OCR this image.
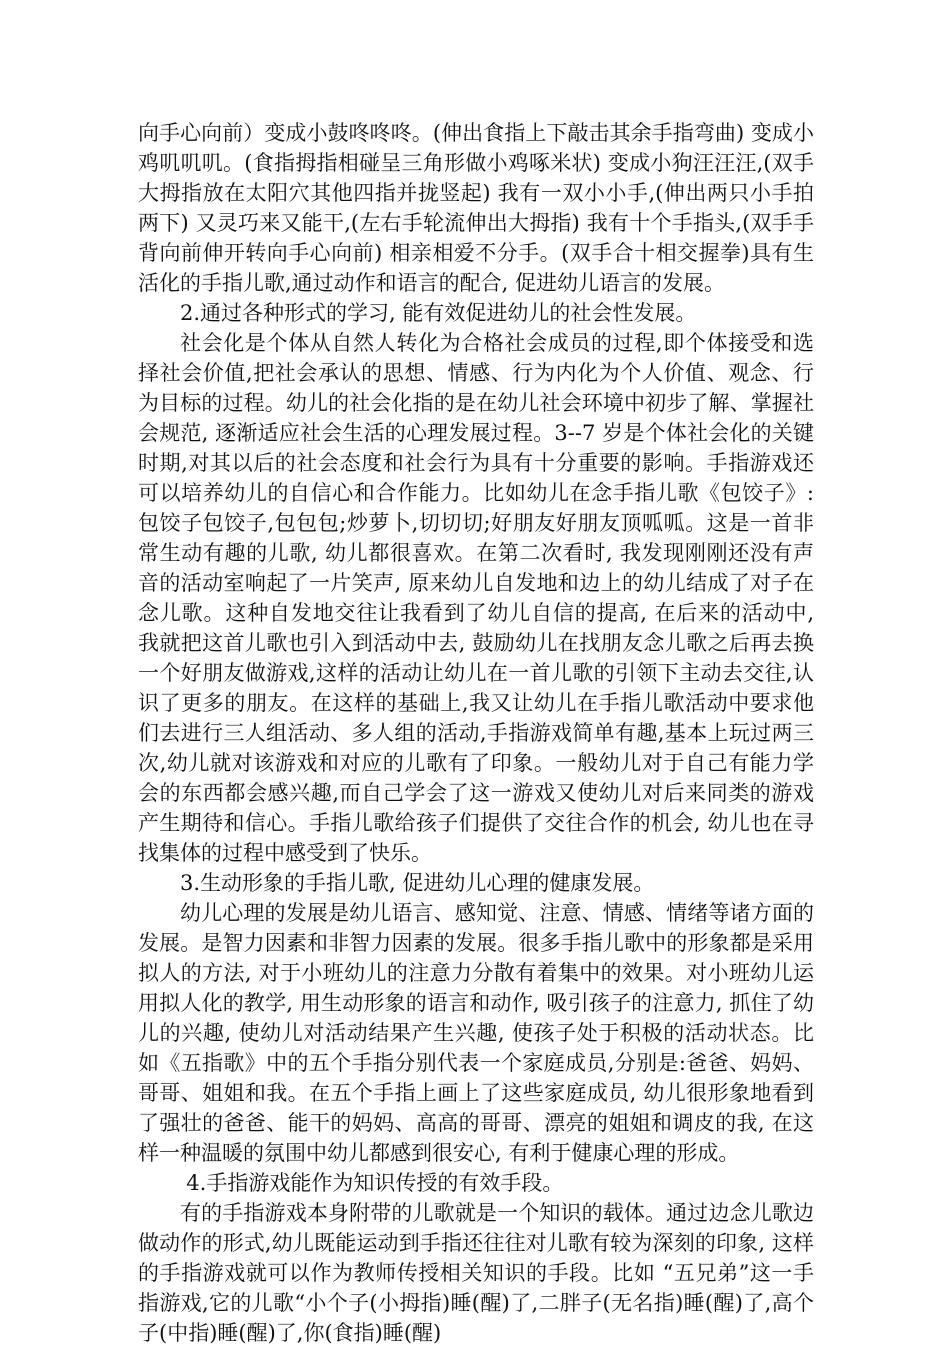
向手心向前）变成小鼓咚咚咚。(伸出食指上下敲击其余手指弯曲) 变成小鸡叽叽叽。(食指拇指相碰呈三角形做小鸡啄米状) 变成小狗汪汪汪,(双手大拇指放在太阳穴其他四指并拢竖起) 我有一双小小手,(伸出两只小手拍两下) 又灵巧来又能干,(左右手轮流伸出大拇指) 我有十个手指头,(双手手背向前伸开转向手心向前) 相亲相爱不分手。(双手合十相交握拳)具有生活化的手指儿歌,通过动作和语言的配合, 促进幼儿语言的发展。

2.通过各种形式的学习, 能有效促进幼儿的社会性发展。

社会化是个体从自然人转化为合格社会成员的过程,即个体接受和选择社会价值,把社会承认的思想、情感、行为内化为个人价值、观念、行为目标的过程。幼儿的社会化指的是在幼儿社会环境中初步了解、掌握社会规范, 逐渐适应社会生活的心理发展过程。3--7 岁是个体社会化的关键时期,对其以后的社会态度和社会行为具有十分重要的影响。手指游戏还可以培养幼儿的自信心和合作能力。比如幼儿在念手指儿歌《包饺子》:包饺子包饺子,包包包;炒萝卜,切切切;好朋友好朋友顶呱呱。这是一首非常生动有趣的儿歌, 幼儿都很喜欢。在第二次看时, 我发现刚刚还没有声音的活动室响起了一片笑声, 原来幼儿自发地和边上的幼儿结成了对子在念儿歌。这种自发地交往让我看到了幼儿自信的提高, 在后来的活动中, 我就把这首儿歌也引入到活动中去, 鼓励幼儿在找朋友念儿歌之后再去换一个好朋友做游戏,这样的活动让幼儿在一首儿歌的引领下主动去交往,认识了更多的朋友。在这样的基础上,我又让幼儿在手指儿歌活动中要求他们去进行三人组活动、多人组的活动,手指游戏简单有趣,基本上玩过两三次,幼儿就对该游戏和对应的儿歌有了印象。一般幼儿对于自己有能力学会的东西都会感兴趣,而自己学会了这一游戏又使幼儿对后来同类的游戏产生期待和信心。手指儿歌给孩子们提供了交往合作的机会, 幼儿也在寻找集体的过程中感受到了快乐。

3.生动形象的手指儿歌, 促进幼儿心理的健康发展。

幼儿心理的发展是幼儿语言、感知觉、注意、情感、情绪等诸方面的发展。是智力因素和非智力因素的发展。很多手指儿歌中的形象都是采用拟人的方法, 对于小班幼儿的注意力分散有着集中的效果。对小班幼儿运用拟人化的教学, 用生动形象的语言和动作, 吸引孩子的注意力, 抓住了幼儿的兴趣, 使幼儿对活动结果产生兴趣, 使孩子处于积极的活动状态。比如《五指歌》中的五个手指分别代表一个家庭成员,分别是:爸爸、妈妈、哥哥、姐姐和我。在五个手指上画上了这些家庭成员, 幼儿很形象地看到了强壮的爸爸、能干的妈妈、高高的哥哥、漂亮的姐姐和调皮的我, 在这样一种温暖的氛围中幼儿都感到很安心, 有利于健康心理的形成。

4.手指游戏能作为知识传授的有效手段。

有的手指游戏本身附带的儿歌就是一个知识的载体。通过边念儿歌边做动作的形式,幼儿既能运动到手指还往往对儿歌有较为深刻的印象, 这样的手指游戏就可以作为教师传授相关知识的手段。比如 “五兄弟”这一手指游戏,它的儿歌“小个子(小拇指)睡(醒)了,二胖子(无名指)睡(醒)了,高个子(中指)睡(醒)了,你(食指)睡(醒)
